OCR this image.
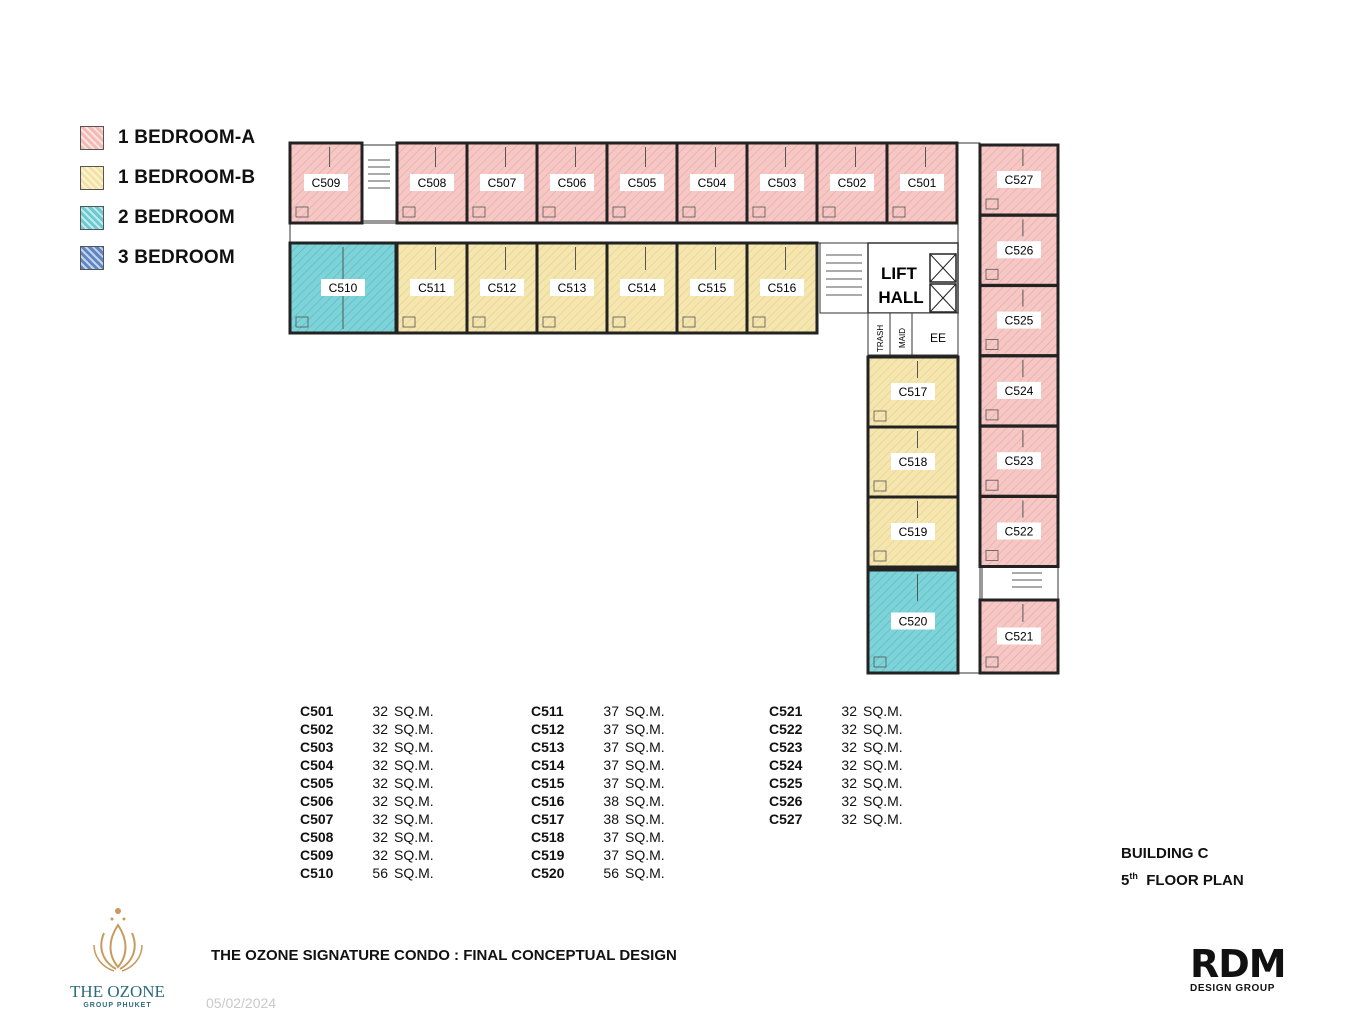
1 BEDROOM-A
1 BEDROOM-B
2 BEDROOM
3 BEDROOM
LIFT
HALL
TRASH MAID EE
C501
C502
C503
C504
C505
C506
C507
C508
C509
C510	C511	C512	C513	C514	C515	C516
C517
C518
C519
C520
C521
C522
C523
C524
C525
C526
C527
C501	32 SQ.M.
C502	32 SQ.M.
C503	32 SQ.M.
C504	32 SQ.M.
C505	32 SQ.M.
C506	32 SQ.M.
C507	32 SQ.M.
C508	32 SQ.M.
C509	32 SQ.M.
C510	56 SQ.M.
C511	37 SQ.M.
C512	37 SQ.M.
C513	37 SQ.M.
C514	37 SQ.M.
C515	37 SQ.M.
C516	38 SQ.M.
C517	38 SQ.M.
C518	37 SQ.M.
C519	37 SQ.M.
C520	56 SQ.M.
C521	32 SQ.M.
C522	32 SQ.M.
C523	32 SQ.M.
C524	32 SQ.M.
C525	32 SQ.M.
C526	32 SQ.M.
C527	32 SQ.M.
BUILDING C
5th FLOOR PLAN
THE OZONE SIGNATURE CONDO : FINAL CONCEPTUAL DESIGN
05/02/2024
THE OZONE
GROUP PHUKET
RDM
DESIGN GROUP
